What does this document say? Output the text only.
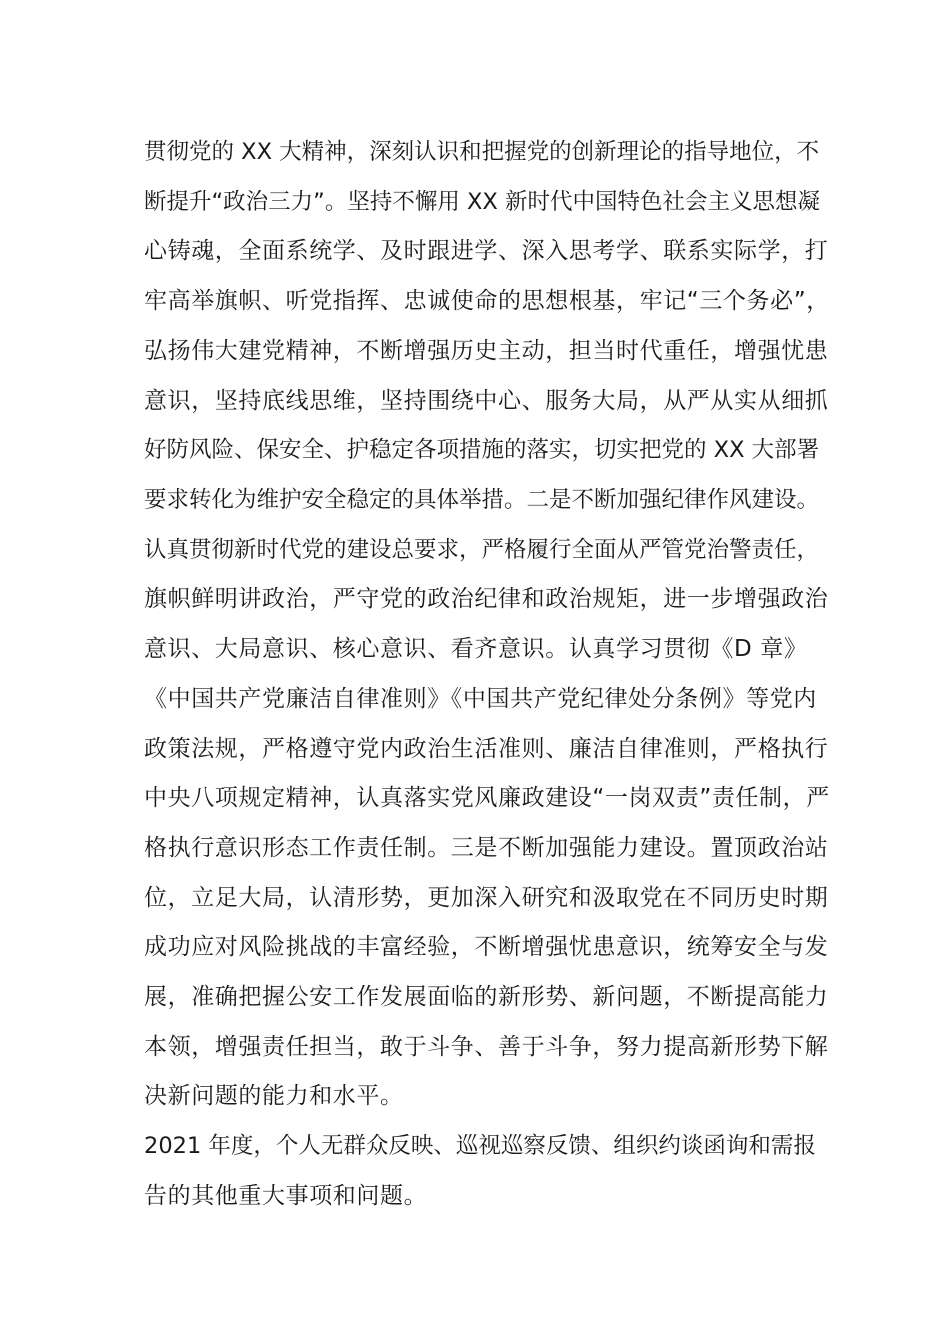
贯彻党的 XX 大精神，深刻认识和把握党的创新理论的指导地位，不
断提升“政治三力”。坚持不懈用 XX 新时代中国特色社会主义思想凝
心铸魂，全面系统学、及时跟进学、深入思考学、联系实际学，打
牢高举旗帜、听党指挥、忠诚使命的思想根基，牢记“三个务必”，
弘扬伟大建党精神，不断增强历史主动，担当时代重任，增强忧患
意识，坚持底线思维，坚持围绕中心、服务大局，从严从实从细抓
好防风险、保安全、护稳定各项措施的落实，切实把党的 XX 大部署
要求转化为维护安全稳定的具体举措。二是不断加强纪律作风建设。
认真贯彻新时代党的建设总要求，严格履行全面从严管党治警责任，
旗帜鲜明讲政治，严守党的政治纪律和政治规矩，进一步增强政治
意识、大局意识、核心意识、看齐意识。认真学习贯彻《D 章》
《中国共产党廉洁自律准则》《中国共产党纪律处分条例》等党内
政策法规，严格遵守党内政治生活准则、廉洁自律准则，严格执行
中央八项规定精神，认真落实党风廉政建设“一岗双责”责任制，严
格执行意识形态工作责任制。三是不断加强能力建设。置顶政治站
位，立足大局，认清形势，更加深入研究和汲取党在不同历史时期
成功应对风险挑战的丰富经验，不断增强忧患意识，统筹安全与发
展，准确把握公安工作发展面临的新形势、新问题，不断提高能力
本领，增强责任担当，敢于斗争、善于斗争，努力提高新形势下解
决新问题的能力和水平。
2021 年度，个人无群众反映、巡视巡察反馈、组织约谈函询和需报
告的其他重大事项和问题。
